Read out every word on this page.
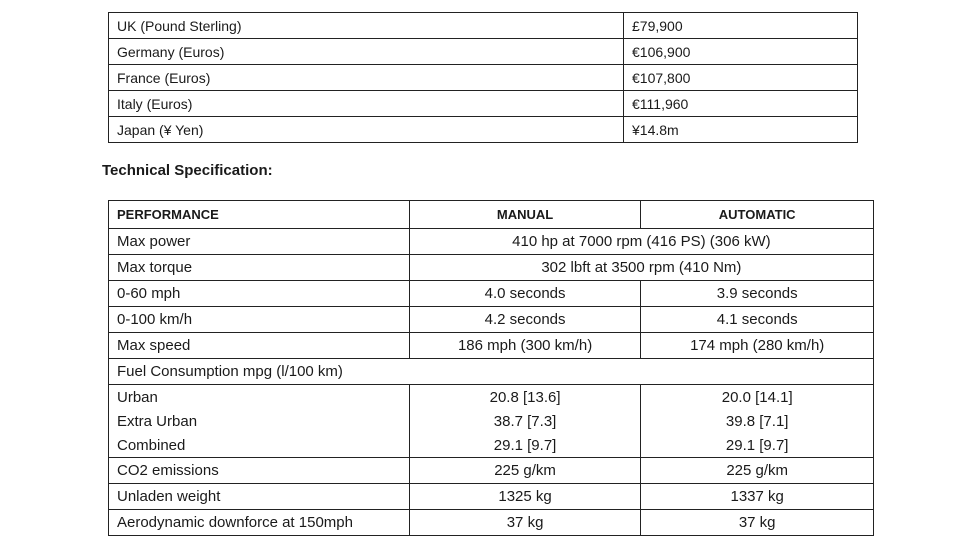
UK (Pound Sterling)	£79,900
Germany (Euros)	€106,900
France (Euros)	€107,800
Italy (Euros)	€111,960
Japan (¥ Yen)	¥14.8m
Technical Specification:
PERFORMANCE	MANUAL	AUTOMATIC
Max power	410 hp at 7000 rpm (416 PS) (306 kW)	
Max torque	302 lbft at 3500 rpm (410 Nm)	
0-60 mph	4.0 seconds	3.9 seconds
0-100 km/h	4.2 seconds	4.1 seconds
Max speed	186 mph (300 km/h)	174 mph (280 km/h)
Fuel Consumption mpg (l/100 km)		
Urban	20.8 [13.6]	20.0 [14.1]
Extra Urban	38.7 [7.3]	39.8 [7.1]
Combined	29.1 [9.7]	29.1 [9.7]
CO2 emissions	225 g/km	225 g/km
Unladen weight	1325 kg	1337 kg
Aerodynamic downforce at 150mph	37 kg	37 kg
